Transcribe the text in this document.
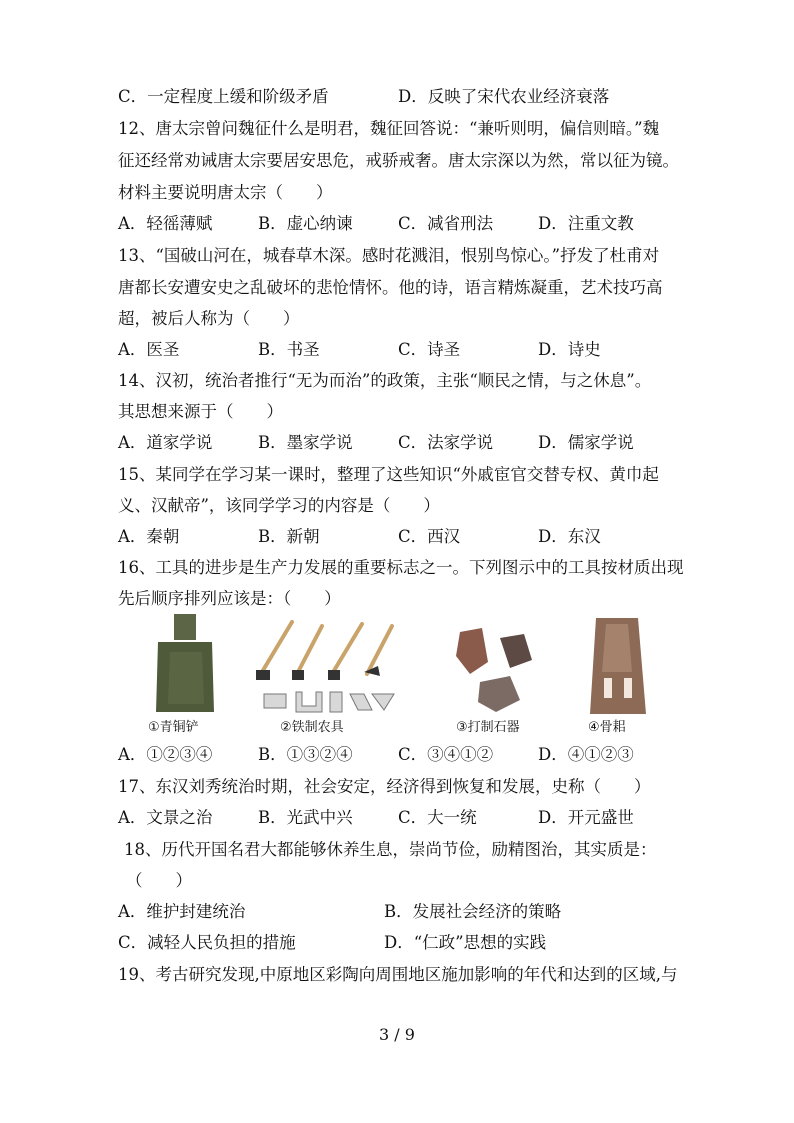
C．一定程度上缓和阶级矛盾	D．反映了宋代农业经济衰落
12、唐太宗曾问魏征什么是明君，魏征回答说：“兼听则明，偏信则暗。”魏
征还经常劝诫唐太宗要居安思危，戒骄戒奢。唐太宗深以为然，常以征为镜。
材料主要说明唐太宗（　　）
A．轻徭薄赋	B．虚心纳谏	C．减省刑法	D．注重文教
13、“国破山河在，城春草木深。感时花溅泪，恨别鸟惊心。”抒发了杜甫对
唐都长安遭安史之乱破坏的悲怆情怀。他的诗，语言精炼凝重，艺术技巧高
超，被后人称为（　　）
A．医圣	B．书圣	C．诗圣	D．诗史
14、汉初，统治者推行“无为而治”的政策，主张“顺民之情，与之休息”。
其思想来源于（　　）
A．道家学说	B．墨家学说	C．法家学说	D．儒家学说
15、某同学在学习某一课时，整理了这些知识“外戚宦官交替专权、黄巾起
义、汉献帝”，该同学学习的内容是（　　）
A．秦朝	B．新朝	C．西汉	D．东汉
16、工具的进步是生产力发展的重要标志之一。下列图示中的工具按材质出现
先后顺序排列应该是：（　　）
①青铜铲	②铁制农具	③打制石器	④骨耜
A．①②③④	B．①③②④	C．③④①②	D．④①②③
17、东汉刘秀统治时期，社会安定，经济得到恢复和发展，史称（　　）
A．文景之治	B．光武中兴	C．大一统	D．开元盛世
18、历代开国名君大都能够休养生息，崇尚节俭，励精图治，其实质是：
（　　）
A．维护封建统治	B．发展社会经济的策略
C．减轻人民负担的措施	D．“仁政”思想的实践
19、考古研究发现,中原地区彩陶向周围地区施加影响的年代和达到的区域,与
3 / 9
